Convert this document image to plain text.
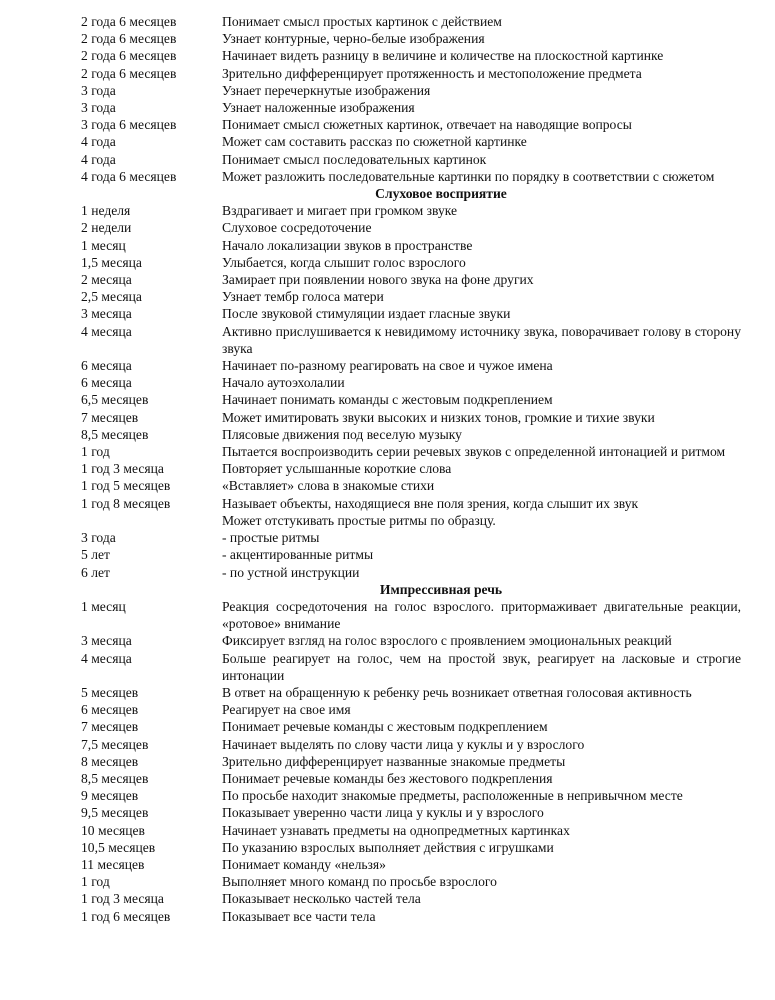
2 года 6 месяцев	Понимает смысл простых картинок с действием
2 года 6 месяцев	Узнает контурные, черно-белые изображения
2 года 6 месяцев	Начинает видеть разницу в величине и количестве на плоскостной картинке
2 года 6 месяцев	Зрительно дифференцирует протяженность и местоположение предмета
3 года	Узнает перечеркнутые изображения
3 года	Узнает наложенные изображения
3 года 6 месяцев	Понимает смысл сюжетных картинок, отвечает на наводящие вопросы
4 года	Может сам составить рассказ по сюжетной картинке
4 года	Понимает смысл последовательных картинок
4 года 6 месяцев	Может разложить последовательные картинки по порядку в соответствии с сюжетом
Слуховое восприятие
1 неделя	Вздрагивает и мигает при громком звуке
2 недели	Слуховое сосредоточение
1 месяц	Начало локализации звуков в пространстве
1,5 месяца	Улыбается, когда слышит голос взрослого
2 месяца	Замирает при появлении нового звука на фоне других
2,5 месяца	Узнает тембр голоса матери
3 месяца	После звуковой стимуляции издает гласные звуки
4 месяца	Активно прислушивается к невидимому источнику звука, поворачивает голову в сторону звука
6 месяца	Начинает по-разному реагировать на свое и чужое имена
6 месяца	Начало аутоэхолалии
6,5 месяцев	Начинает понимать команды с жестовым подкреплением
7 месяцев	Может имитировать звуки высоких и низких тонов, громкие и тихие звуки
8,5 месяцев	Плясовые движения под веселую музыку
1 год	Пытается воспроизводить серии речевых звуков с определенной интонацией и ритмом
1 год 3 месяца	Повторяет услышанные короткие слова
1 год 5 месяцев	«Вставляет» слова в знакомые стихи
1 год 8 месяцев	Называет объекты, находящиеся вне поля зрения, когда слышит их звук
Может отстукивать простые ритмы по образцу.
3 года	- простые ритмы
5 лет	- акцентированные ритмы
6 лет	- по устной инструкции
Импрессивная речь
1 месяц	Реакция сосредоточения на голос взрослого. притормаживает двигательные реакции, «ротовое» внимание
3 месяца	Фиксирует взгляд на голос взрослого с проявлением эмоциональных реакций
4 месяца	Больше реагирует на голос, чем на простой звук, реагирует на ласковые и строгие интонации
5 месяцев	В ответ на обращенную к ребенку речь возникает ответная голосовая активность
6 месяцев	Реагирует на свое имя
7 месяцев	Понимает речевые команды с жестовым подкреплением
7,5 месяцев	Начинает выделять по слову части лица у куклы и у взрослого
8 месяцев	Зрительно дифференцирует названные знакомые предметы
8,5 месяцев	Понимает речевые команды без жестового подкрепления
9 месяцев	По просьбе находит знакомые предметы, расположенные в непривычном месте
9,5 месяцев	Показывает уверенно части лица у куклы и у взрослого
10 месяцев	Начинает узнавать предметы на однопредметных картинках
10,5 месяцев	По указанию взрослых выполняет действия с игрушками
11 месяцев	Понимает команду «нельзя»
1 год	Выполняет много команд по просьбе взрослого
1 год 3 месяца	Показывает несколько частей тела
1 год 6 месяцев	Показывает все части тела
